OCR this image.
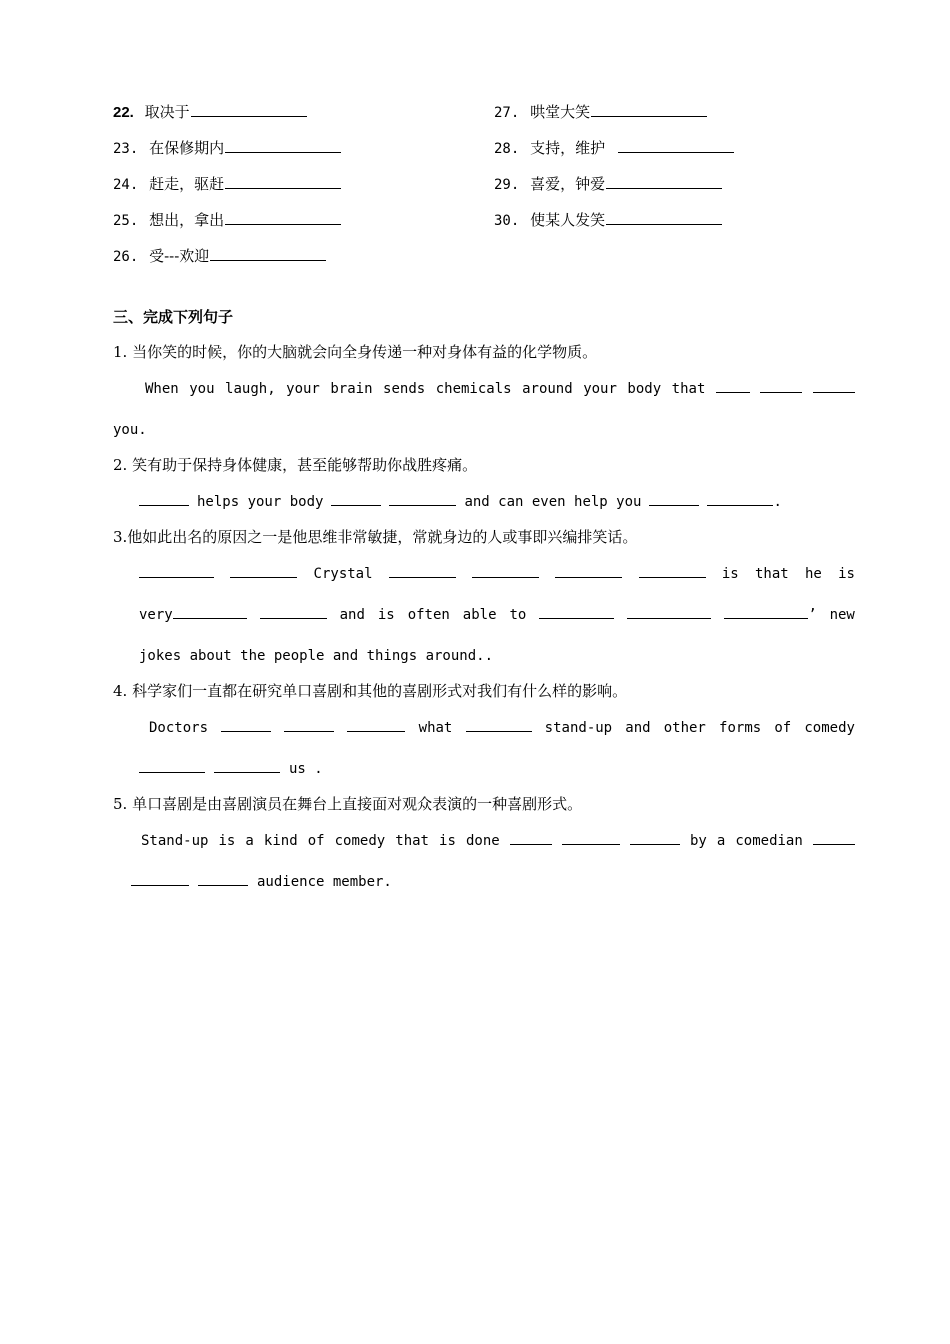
22. 取决于
23. 在保修期内
24. 赶走，驱赶
25. 想出，拿出
26. 受---欢迎
27. 哄堂大笑
28. 支持，维护
29. 喜爱，钟爱
30. 使某人发笑
三、完成下列句子
1. 当你笑的时候，你的大脑就会向全身传递一种对身体有益的化学物质。
When you laugh, your brain sends chemicals around your body that
you.
2. 笑有助于保持身体健康，甚至能够帮助你战胜疼痛。
helps your body	and can even help you	.
3.他如此出名的原因之一是他思维非常敏捷，常就身边的人或事即兴编排笑话。
Crystal	is that he is
very	and is often able to	’ new
jokes about the people and things around..
4. 科学家们一直都在研究单口喜剧和其他的喜剧形式对我们有什么样的影响。
Doctors	what	stand-up and other forms of comedy
us .
5. 单口喜剧是由喜剧演员在舞台上直接面对观众表演的一种喜剧形式。
Stand-up is a kind of comedy that is done	by a comedian
audience member.
